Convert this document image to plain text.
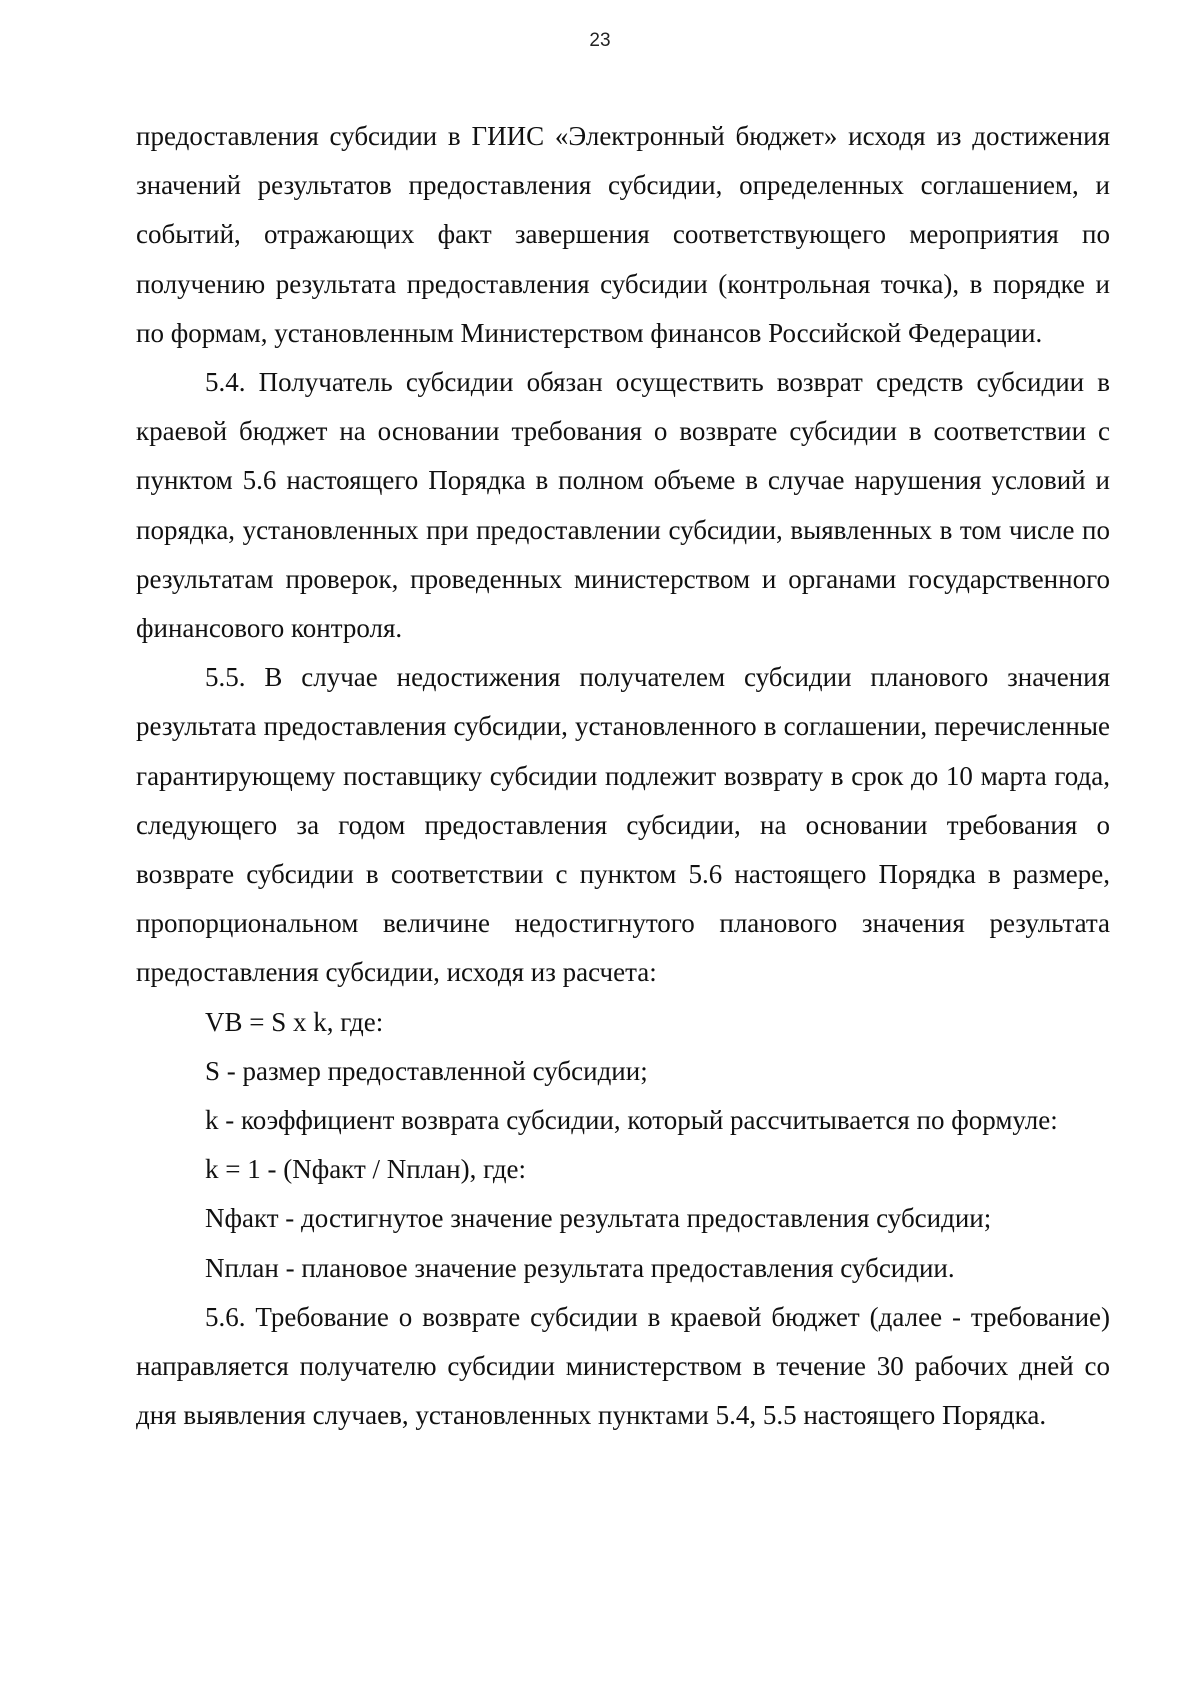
23

предоставления субсидии в ГИИС «Электронный бюджет» исходя из достижения значений результатов предоставления субсидии, определенных соглашением, и событий, отражающих факт завершения соответствующего мероприятия по получению результата предоставления субсидии (контрольная точка), в порядке и по формам, установленным Министерством финансов Российской Федерации.

5.4. Получатель субсидии обязан осуществить возврат средств субсидии в краевой бюджет на основании требования о возврате субсидии в соответствии с пунктом 5.6 настоящего Порядка в полном объеме в случае нарушения условий и порядка, установленных при предоставлении субсидии, выявленных в том числе по результатам проверок, проведенных министерством и органами государственного финансового контроля.

5.5. В случае недостижения получателем субсидии планового значения результата предоставления субсидии, установленного в соглашении, перечисленные гарантирующему поставщику субсидии подлежит возврату в срок до 10 марта года, следующего за годом предоставления субсидии, на основании требования о возврате субсидии в соответствии с пунктом 5.6 настоящего Порядка в размере, пропорциональном величине недостигнутого планового значения результата предоставления субсидии, исходя из расчета:

VB = S x k, где:

S - размер предоставленной субсидии;

k - коэффициент возврата субсидии, который рассчитывается по формуле:

k = 1 - (Nфакт / Nплан), где:

Nфакт - достигнутое значение результата предоставления субсидии;

Nплан - плановое значение результата предоставления субсидии.

5.6. Требование о возврате субсидии в краевой бюджет (далее - требование) направляется получателю субсидии министерством в течение 30 рабочих дней со дня выявления случаев, установленных пунктами 5.4, 5.5 настоящего Порядка.
